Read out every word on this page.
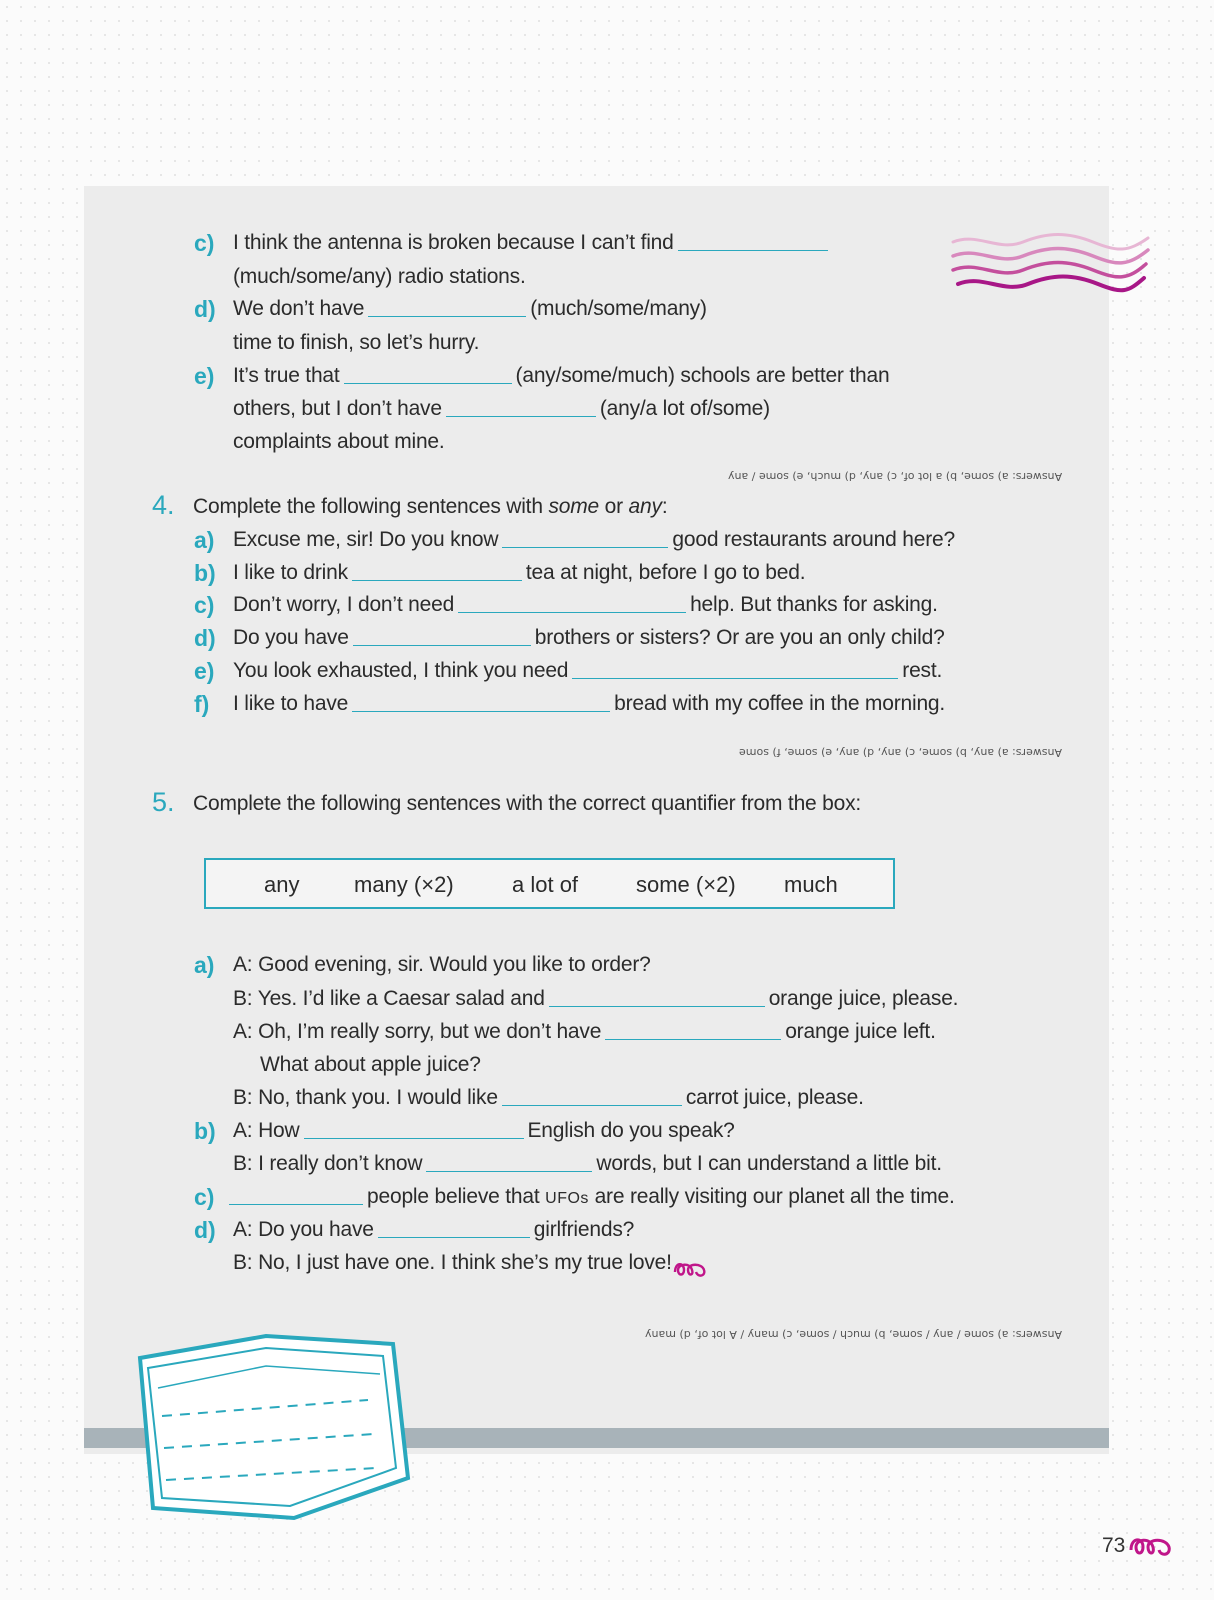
c) I think the antenna is broken because I can’t find
(much/some/any) radio stations.
d) We don’t have	(much/some/many)
time to finish, so let’s hurry.
e) It’s true that	(any/some/much) schools are better than
others, but I don’t have	(any/a lot of/some)
complaints about mine.
Answers: a) some, b) a lot of, c) any, d) much, e) some / any
4. Complete the following sentences with some or any:
a) Excuse me, sir! Do you know	good restaurants around here?
b) I like to drink	tea at night, before I go to bed.
c) Don’t worry, I don’t need	help. But thanks for asking.
d) Do you have	brothers or sisters? Or are you an only child?
e) You look exhausted, I think you need	rest.
f) I like to have	bread with my coffee in the morning.
Answers: a) any, b) some, c) any, d) any, e) some, f) some
5. Complete the following sentences with the correct quantifier from the box:
any many (×2)	a lot of	some (×2) much
a) A: Good evening, sir. Would you like to order?
B: Yes. I’d like a Caesar salad and	orange juice, please.
A: Oh, I’m really sorry, but we don’t have	orange juice left.
What about apple juice?
B: No, thank you. I would like	carrot juice, please.
b) A: How	English do you speak?
B: I really don’t know	words, but I can understand a little bit.
c)	people believe that UFOs are really visiting our planet all the time.
d) A: Do you have	girlfriends?
B: No, I just have one. I think she’s my true love!
Answers: a) some / any / some, b) much / some, c) many / A lot of, d) many
73
